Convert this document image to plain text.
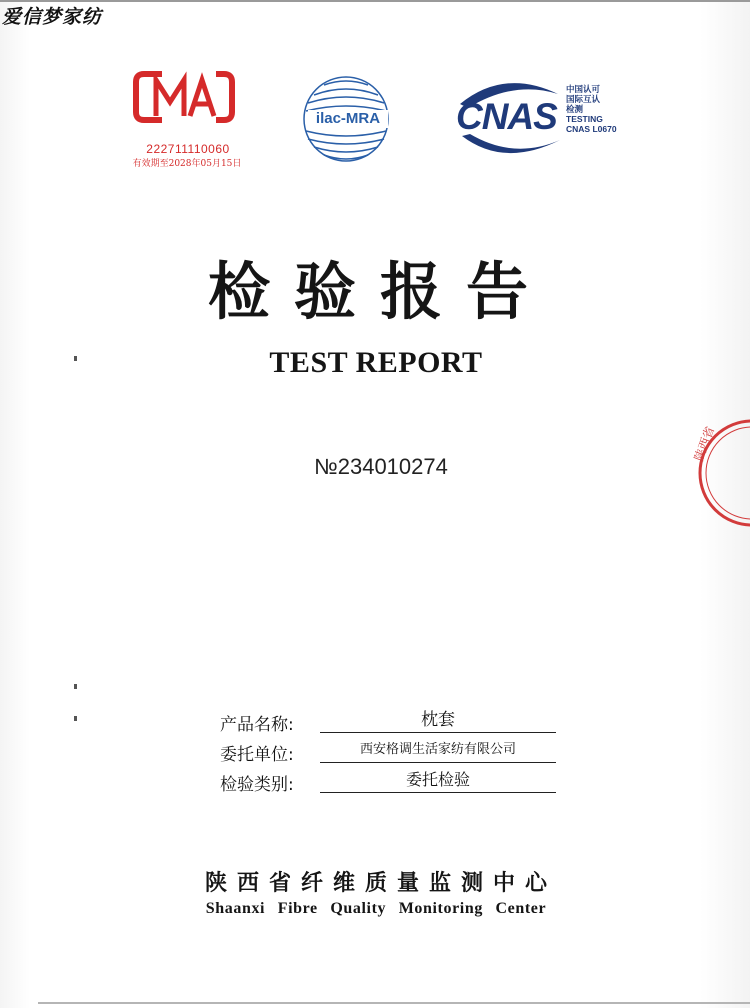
爱信梦家纺
222711110060
有效期至2028年05月15日
ilac-MRA CNAS
中国认可
国际互认
检测
TESTING
CNAS L0670
检验报告
TEST REPORT
№234010274
陕西省
产品名称:	枕套
委托单位:	西安格调生活家纺有限公司
检验类别:	委托检验
陕西省纤维质量监测中心
Shaanxi Fibre Quality Monitoring Center
